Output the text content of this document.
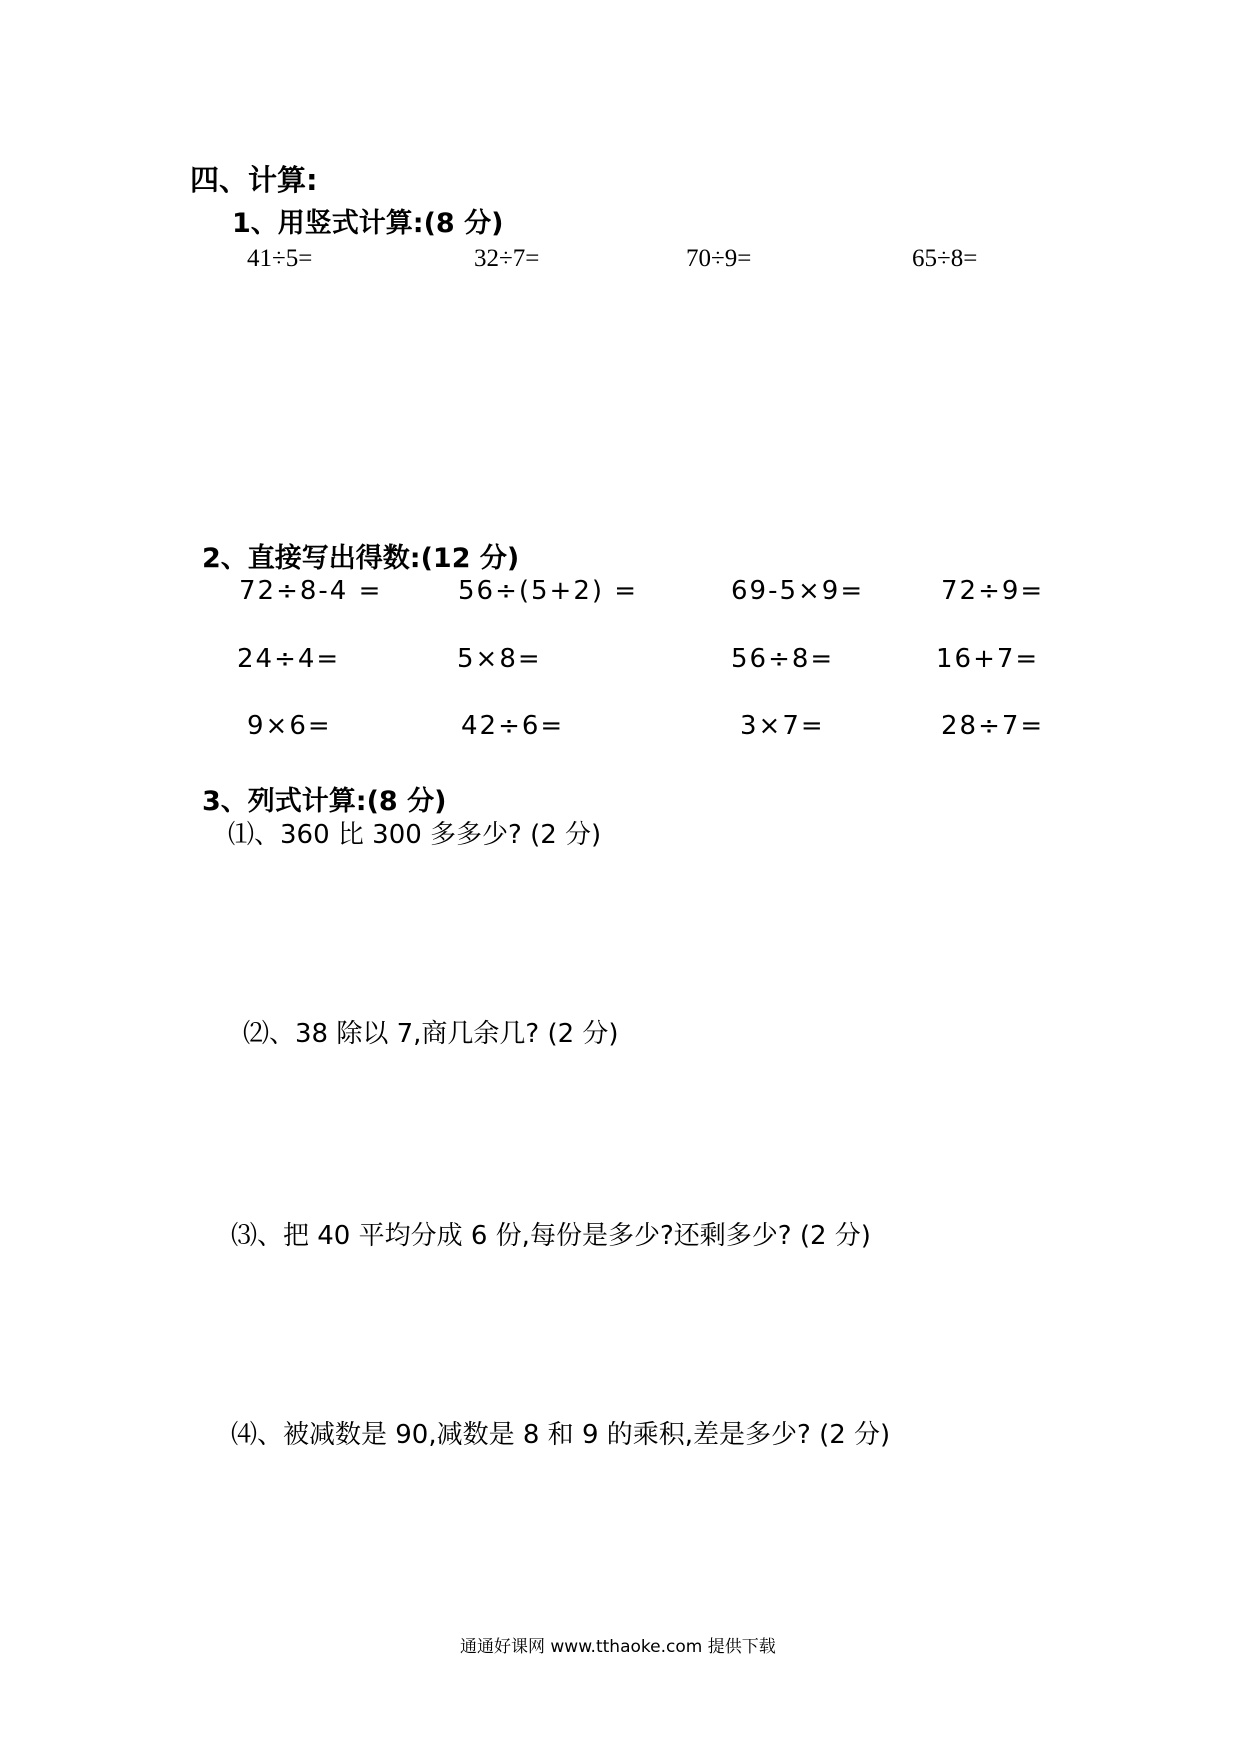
四、计算:
1、用竖式计算:(8 分)
41÷5=	32÷7=	70÷9=	65÷8=
2、直接写出得数:(12 分)
72÷8-4 =	56÷(5+2) =	69-5×9=	72÷9=
24÷4=	5×8=	56÷8=	16+7=
9×6=	42÷6=	3×7=	28÷7=
3、列式计算:(8 分)
⑴、360 比 300 多多少? (2 分)
⑵、38 除以 7,商几余几? (2 分)
⑶、把 40 平均分成 6 份,每份是多少?还剩多少? (2 分)
⑷、被减数是 90,减数是 8 和 9 的乘积,差是多少? (2 分)
通通好课网 www.tthaoke.com 提供下载
